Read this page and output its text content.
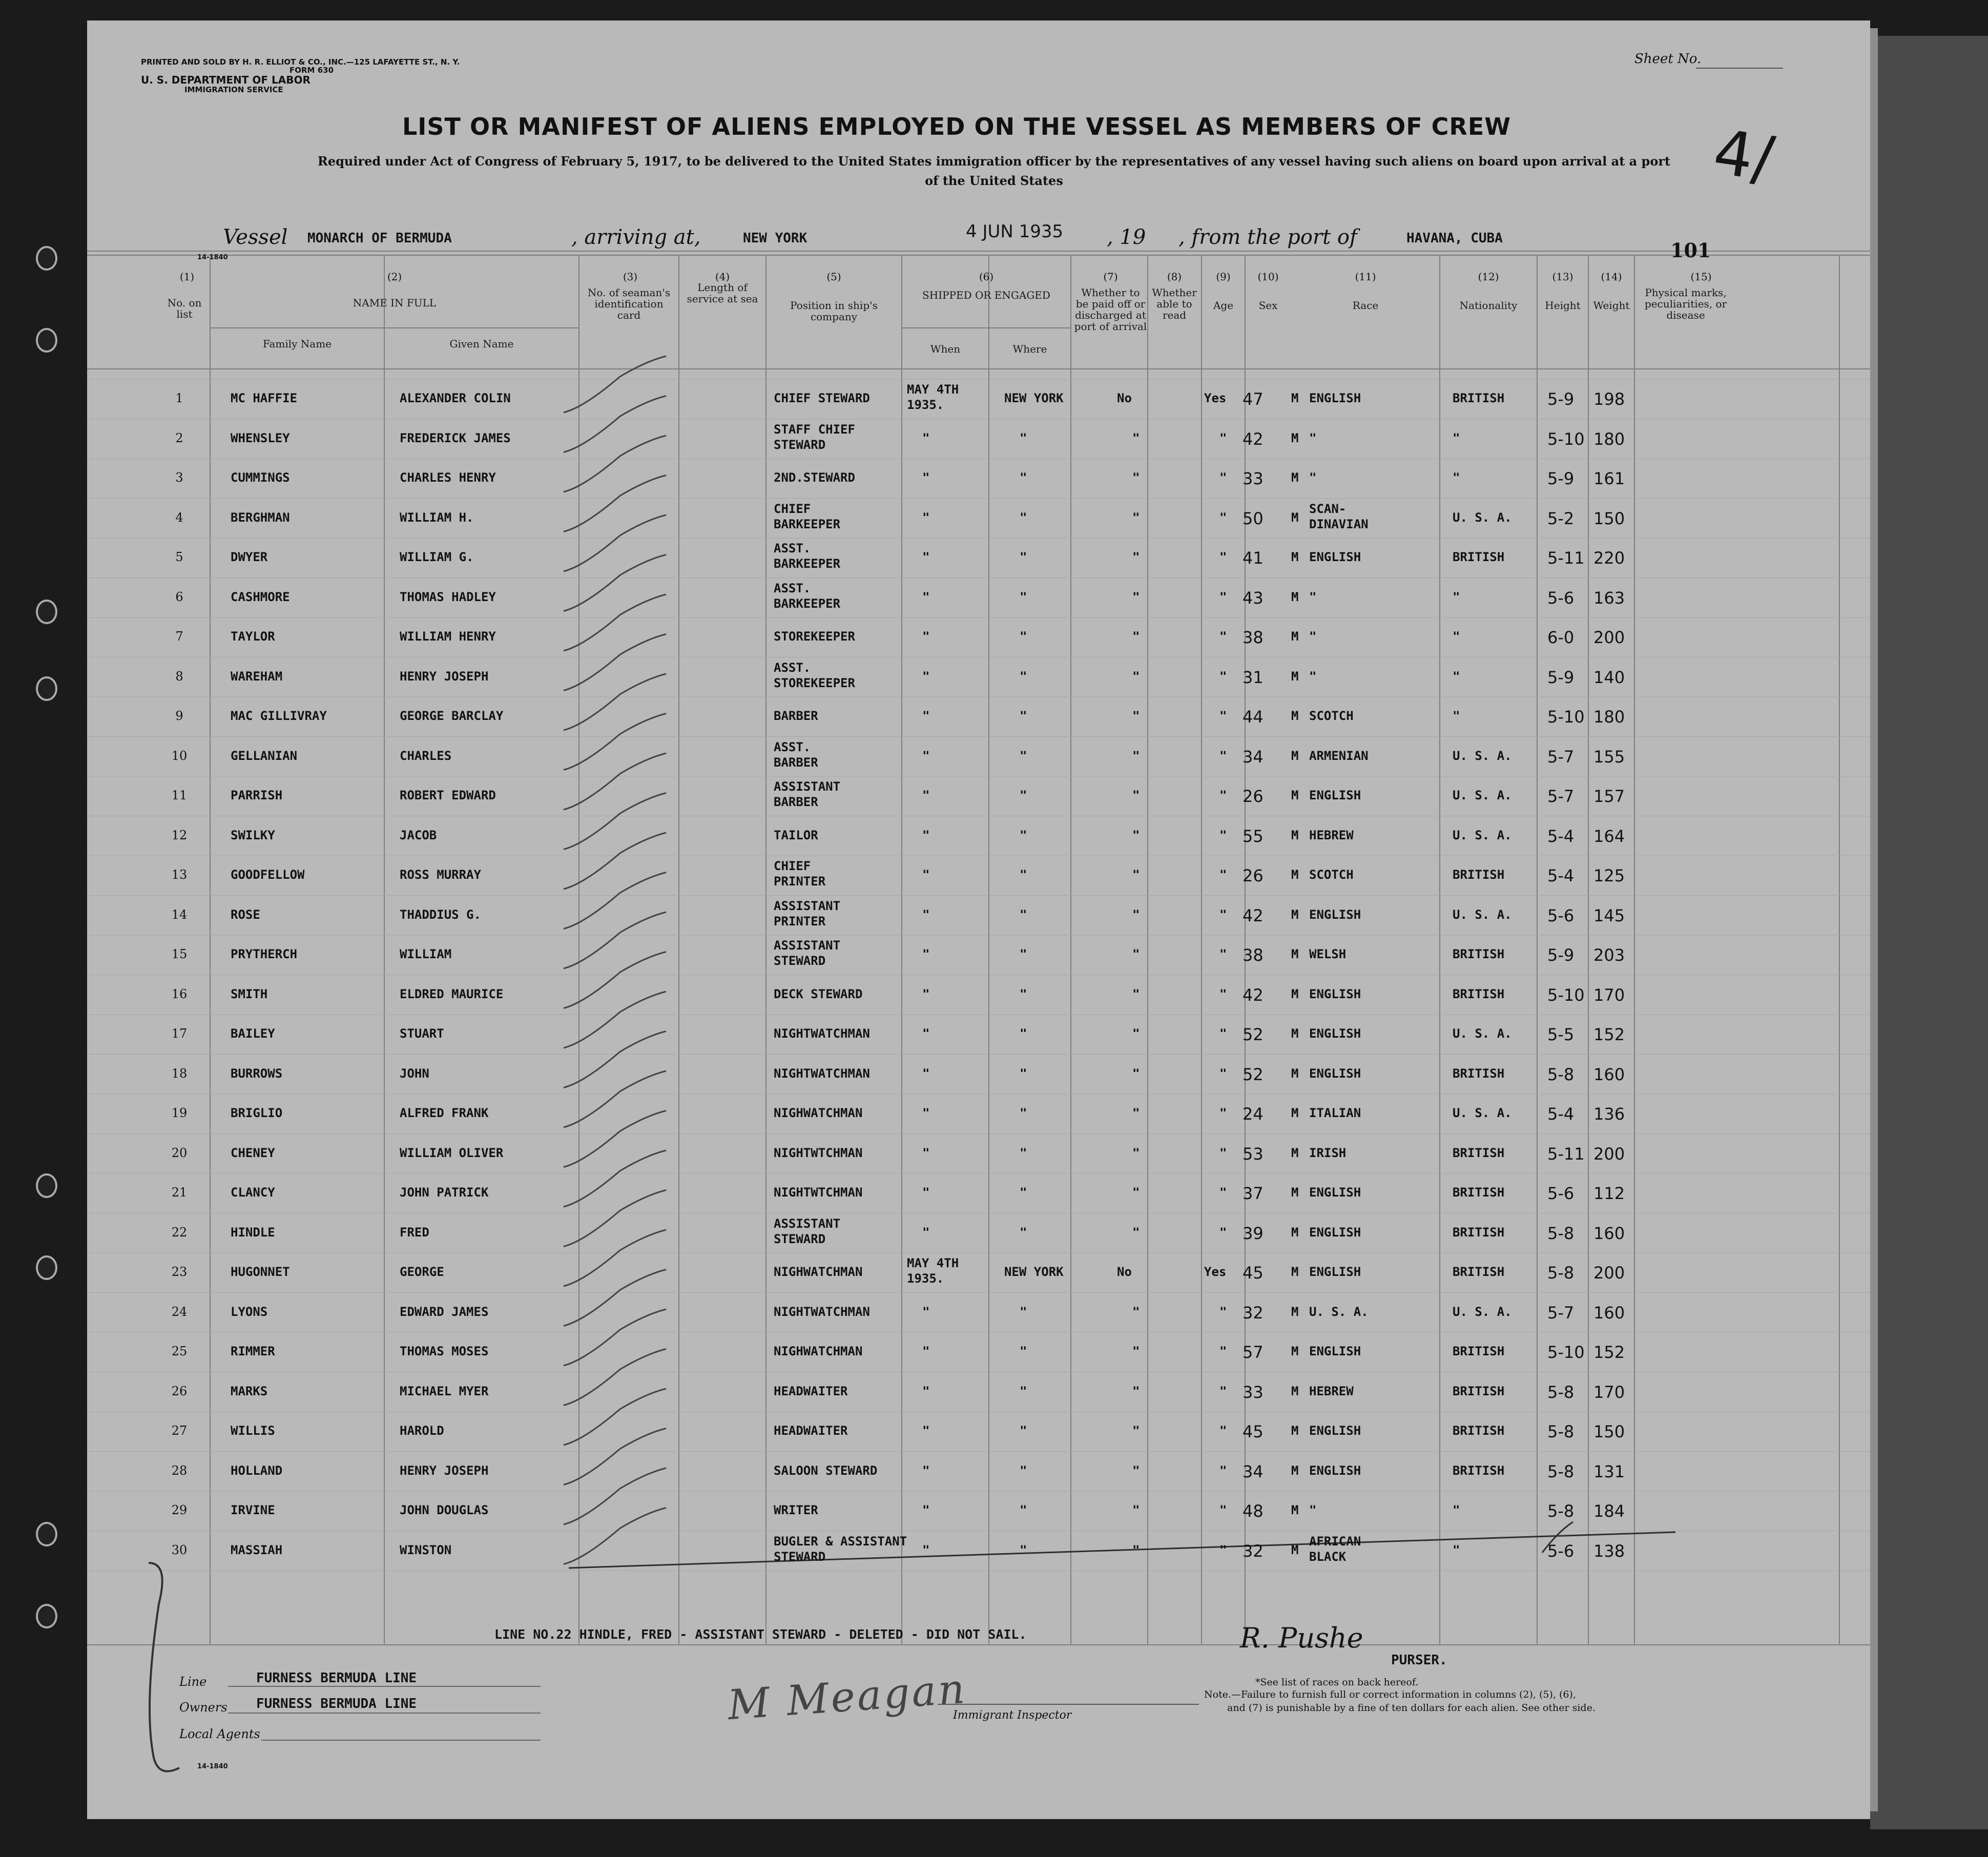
PRINTED AND SOLD BY H. R. ELLIOT & CO., INC.—125 LAFAYETTE ST., N. Y.
FORM 630
U. S. DEPARTMENT OF LABOR
IMMIGRATION SERVICE
Sheet No.
4/
LIST OR MANIFEST OF ALIENS EMPLOYED ON THE VESSEL AS MEMBERS OF CREW
Required under Act of Congress of February 5, 1917, to be delivered to the United States immigration officer by the representatives of any vessel having such aliens on board upon arrival at a port
of the United States
Vessel MONARCH OF BERMUDA	, arriving at,	NEW YORK	4 JUN 1935 , 19 , from the port of	HAVANA, CUBA
101
14-1840
(1)	(2)	(3)	(4)	(5)	(6)	(7)	(8)	(9)	(10)	(11)	(12)	(13)	(14)	(15)
No. on list
NAME IN FULL
Family Name	Given Name
No. of seaman's identification card
Length of service at sea
Position in ship's company
SHIPPED OR ENGAGED
When	Where
Whether to be paid off or discharged at port of arrival
Whether able to read
Age	Sex	Race	Nationality	Height	Weight
Physical marks, peculiarities, or disease
1	MC HAFFIE	ALEXANDER COLIN	CHIEF STEWARD
MAY 4TH
1935.	NEW YORK	No	Yes 47 M ENGLISH	BRITISH	5-9 198
2	WHENSLEY	FREDERICK JAMES
STAFF CHIEF
STEWARD	"	"	"	" 42 M "	"	5-10 180
3	CUMMINGS	CHARLES HENRY	2ND.STEWARD	"	"	"	" 33 M "	"	5-9 161
4	BERGHMAN	WILLIAM H.
CHIEF
BARKEEPER	"	"	"	" 50 M
SCAN-
DINAVIAN	U. S. A. 5-2 150
5	DWYER	WILLIAM G.
ASST.
BARKEEPER	"	"	"	" 41 M ENGLISH	BRITISH	5-11 220
6	CASHMORE	THOMAS HADLEY
ASST.
BARKEEPER	"	"	"	" 43 M "	"	5-6 163
7	TAYLOR	WILLIAM HENRY	STOREKEEPER	"	"	"	" 38 M "	"	6-0 200
8	WAREHAM	HENRY JOSEPH
ASST.
STOREKEEPER	"	"	"	" 31 M "	"	5-9 140
9	MAC GILLIVRAY	GEORGE BARCLAY	BARBER	"	"	"	" 44 M SCOTCH	"	5-10 180
10	GELLANIAN	CHARLES
ASST.
BARBER	"	"	"	" 34 M ARMENIAN	U. S. A. 5-7 155
11	PARRISH	ROBERT EDWARD
ASSISTANT
BARBER	"	"	"	" 26 M ENGLISH	U. S. A. 5-7 157
12	SWILKY	JACOB	TAILOR	"	"	"	" 55 M HEBREW	U. S. A. 5-4 164
13	GOODFELLOW	ROSS MURRAY
CHIEF
PRINTER	"	"	"	" 26 M SCOTCH	BRITISH	5-4 125
14	ROSE	THADDIUS G.
ASSISTANT
PRINTER	"	"	"	" 42 M ENGLISH	U. S. A. 5-6 145
15	PRYTHERCH	WILLIAM
ASSISTANT
STEWARD	"	"	"	" 38 M WELSH	BRITISH	5-9 203
16	SMITH	ELDRED MAURICE	DECK STEWARD	"	"	"	" 42 M ENGLISH	BRITISH	5-10 170
17	BAILEY	STUART	NIGHTWATCHMAN	"	"	"	" 52 M ENGLISH	U. S. A. 5-5 152
18	BURROWS	JOHN	NIGHTWATCHMAN	"	"	"	" 52 M ENGLISH	BRITISH	5-8 160
19	BRIGLIO	ALFRED FRANK	NIGHWATCHMAN	"	"	"	" 24 M ITALIAN	U. S. A. 5-4 136
20	CHENEY	WILLIAM OLIVER	NIGHTWTCHMAN	"	"	"	" 53 M IRISH	BRITISH	5-11 200
21	CLANCY	JOHN PATRICK	NIGHTWTCHMAN	"	"	"	" 37 M ENGLISH	BRITISH	5-6 112
22	HINDLE	FRED
ASSISTANT
STEWARD	"	"	"	" 39 M ENGLISH	BRITISH	5-8 160
23	HUGONNET	GEORGE	NIGHWATCHMAN
MAY 4TH
1935.	NEW YORK	No	Yes 45 M ENGLISH	BRITISH	5-8 200
24	LYONS	EDWARD JAMES	NIGHTWATCHMAN	"	"	"	" 32 M U. S. A.	U. S. A. 5-7 160
25	RIMMER	THOMAS MOSES	NIGHWATCHMAN	"	"	"	" 57 M ENGLISH	BRITISH	5-10 152
26	MARKS	MICHAEL MYER	HEADWAITER	"	"	"	" 33 M HEBREW	BRITISH	5-8 170
27	WILLIS	HAROLD	HEADWAITER	"	"	"	" 45 M ENGLISH	BRITISH	5-8 150
28	HOLLAND	HENRY JOSEPH	SALOON STEWARD	"	"	"	" 34 M ENGLISH	BRITISH	5-8 131
29	IRVINE	JOHN DOUGLAS	WRITER	"	"	"	" 48 M "	"	5-8 184
30	MASSIAH	WINSTON
BUGLER & ASSISTANT
STEWARD	"	"	"	" 32 M
AFRICAN
BLACK	"	5-6 138
LINE NO.22 HINDLE, FRED - ASSISTANT STEWARD - DELETED - DID NOT SAIL.	R. Pushe
PURSER.
Line	FURNESS BERMUDA LINE
Owners FURNESS BERMUDA LINE
Local Agents
14-1840
M Meagan
Immigrant Inspector
*See list of races on back hereof.
Note.—Failure to furnish full or correct information in columns (2), (5), (6),
and (7) is punishable by a fine of ten dollars for each alien. See other side.
